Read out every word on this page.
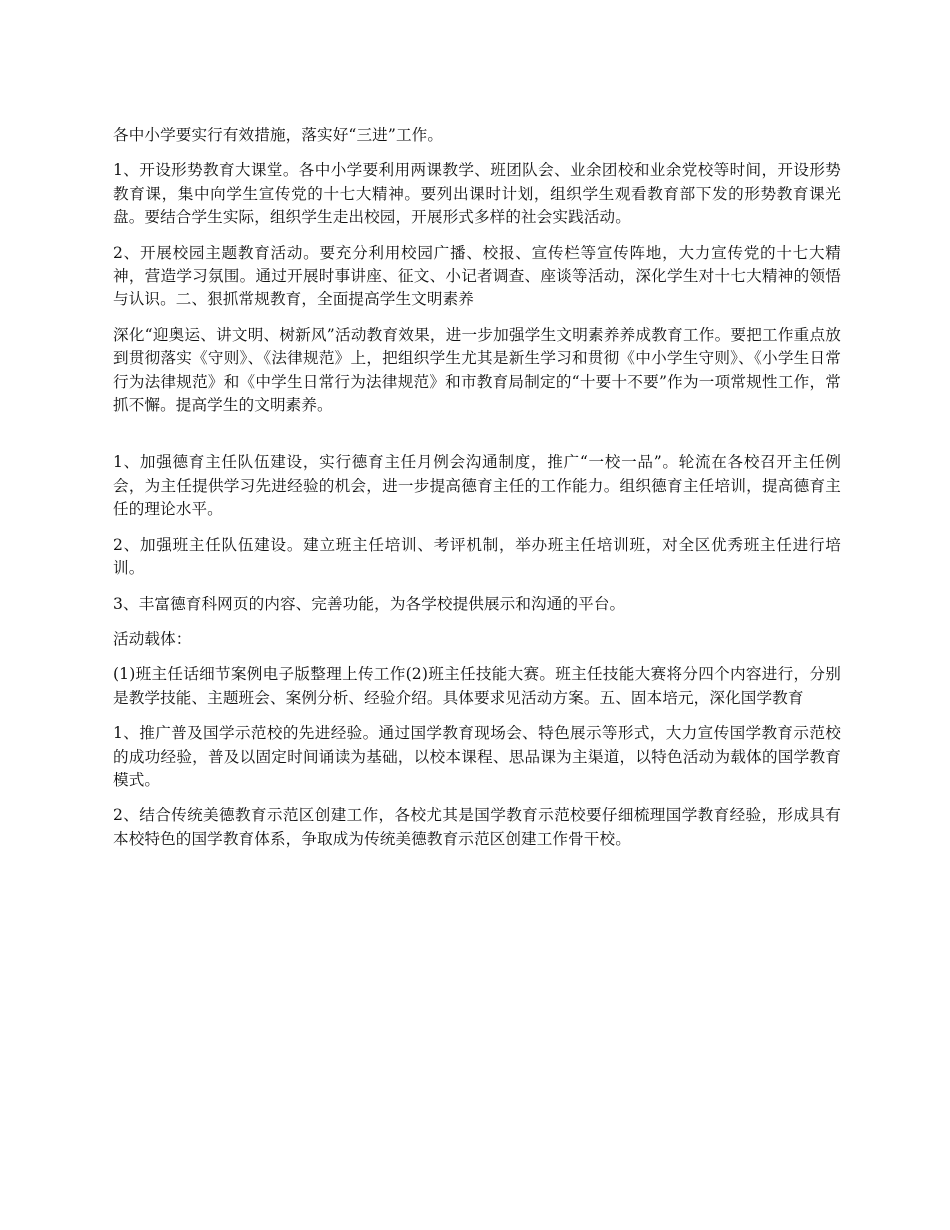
各中小学要实行有效措施，落实好“三进”工作。

1、开设形势教育大课堂。各中小学要利用两课教学、班团队会、业余团校和业余党校等时间，开设形势教育课，集中向学生宣传党的十七大精神。要列出课时计划，组织学生观看教育部下发的形势教育课光盘。要结合学生实际，组织学生走出校园，开展形式多样的社会实践活动。

2、开展校园主题教育活动。要充分利用校园广播、校报、宣传栏等宣传阵地，大力宣传党的十七大精神，营造学习氛围。通过开展时事讲座、征文、小记者调查、座谈等活动，深化学生对十七大精神的领悟与认识。二、狠抓常规教育，全面提高学生文明素养

深化“迎奥运、讲文明、树新风”活动教育效果，进一步加强学生文明素养养成教育工作。要把工作重点放到贯彻落实《守则》、《法律规范》上，把组织学生尤其是新生学习和贯彻《中小学生守则》、《小学生日常行为法律规范》和《中学生日常行为法律规范》和市教育局制定的“十要十不要”作为一项常规性工作，常抓不懈。提高学生的文明素养。

1、加强德育主任队伍建设，实行德育主任月例会沟通制度，推广“一校一品”。轮流在各校召开主任例会，为主任提供学习先进经验的机会，进一步提高德育主任的工作能力。组织德育主任培训，提高德育主任的理论水平。

2、加强班主任队伍建设。建立班主任培训、考评机制，举办班主任培训班，对全区优秀班主任进行培训。

3、丰富德育科网页的内容、完善功能，为各学校提供展示和沟通的平台。

活动载体：

(1)班主任话细节案例电子版整理上传工作(2)班主任技能大赛。班主任技能大赛将分四个内容进行，分别是教学技能、主题班会、案例分析、经验介绍。具体要求见活动方案。五、固本培元，深化国学教育

1、推广普及国学示范校的先进经验。通过国学教育现场会、特色展示等形式，大力宣传国学教育示范校的成功经验，普及以固定时间诵读为基础，以校本课程、思品课为主渠道，以特色活动为载体的国学教育模式。

2、结合传统美德教育示范区创建工作，各校尤其是国学教育示范校要仔细梳理国学教育经验，形成具有本校特色的国学教育体系，争取成为传统美德教育示范区创建工作骨干校。
